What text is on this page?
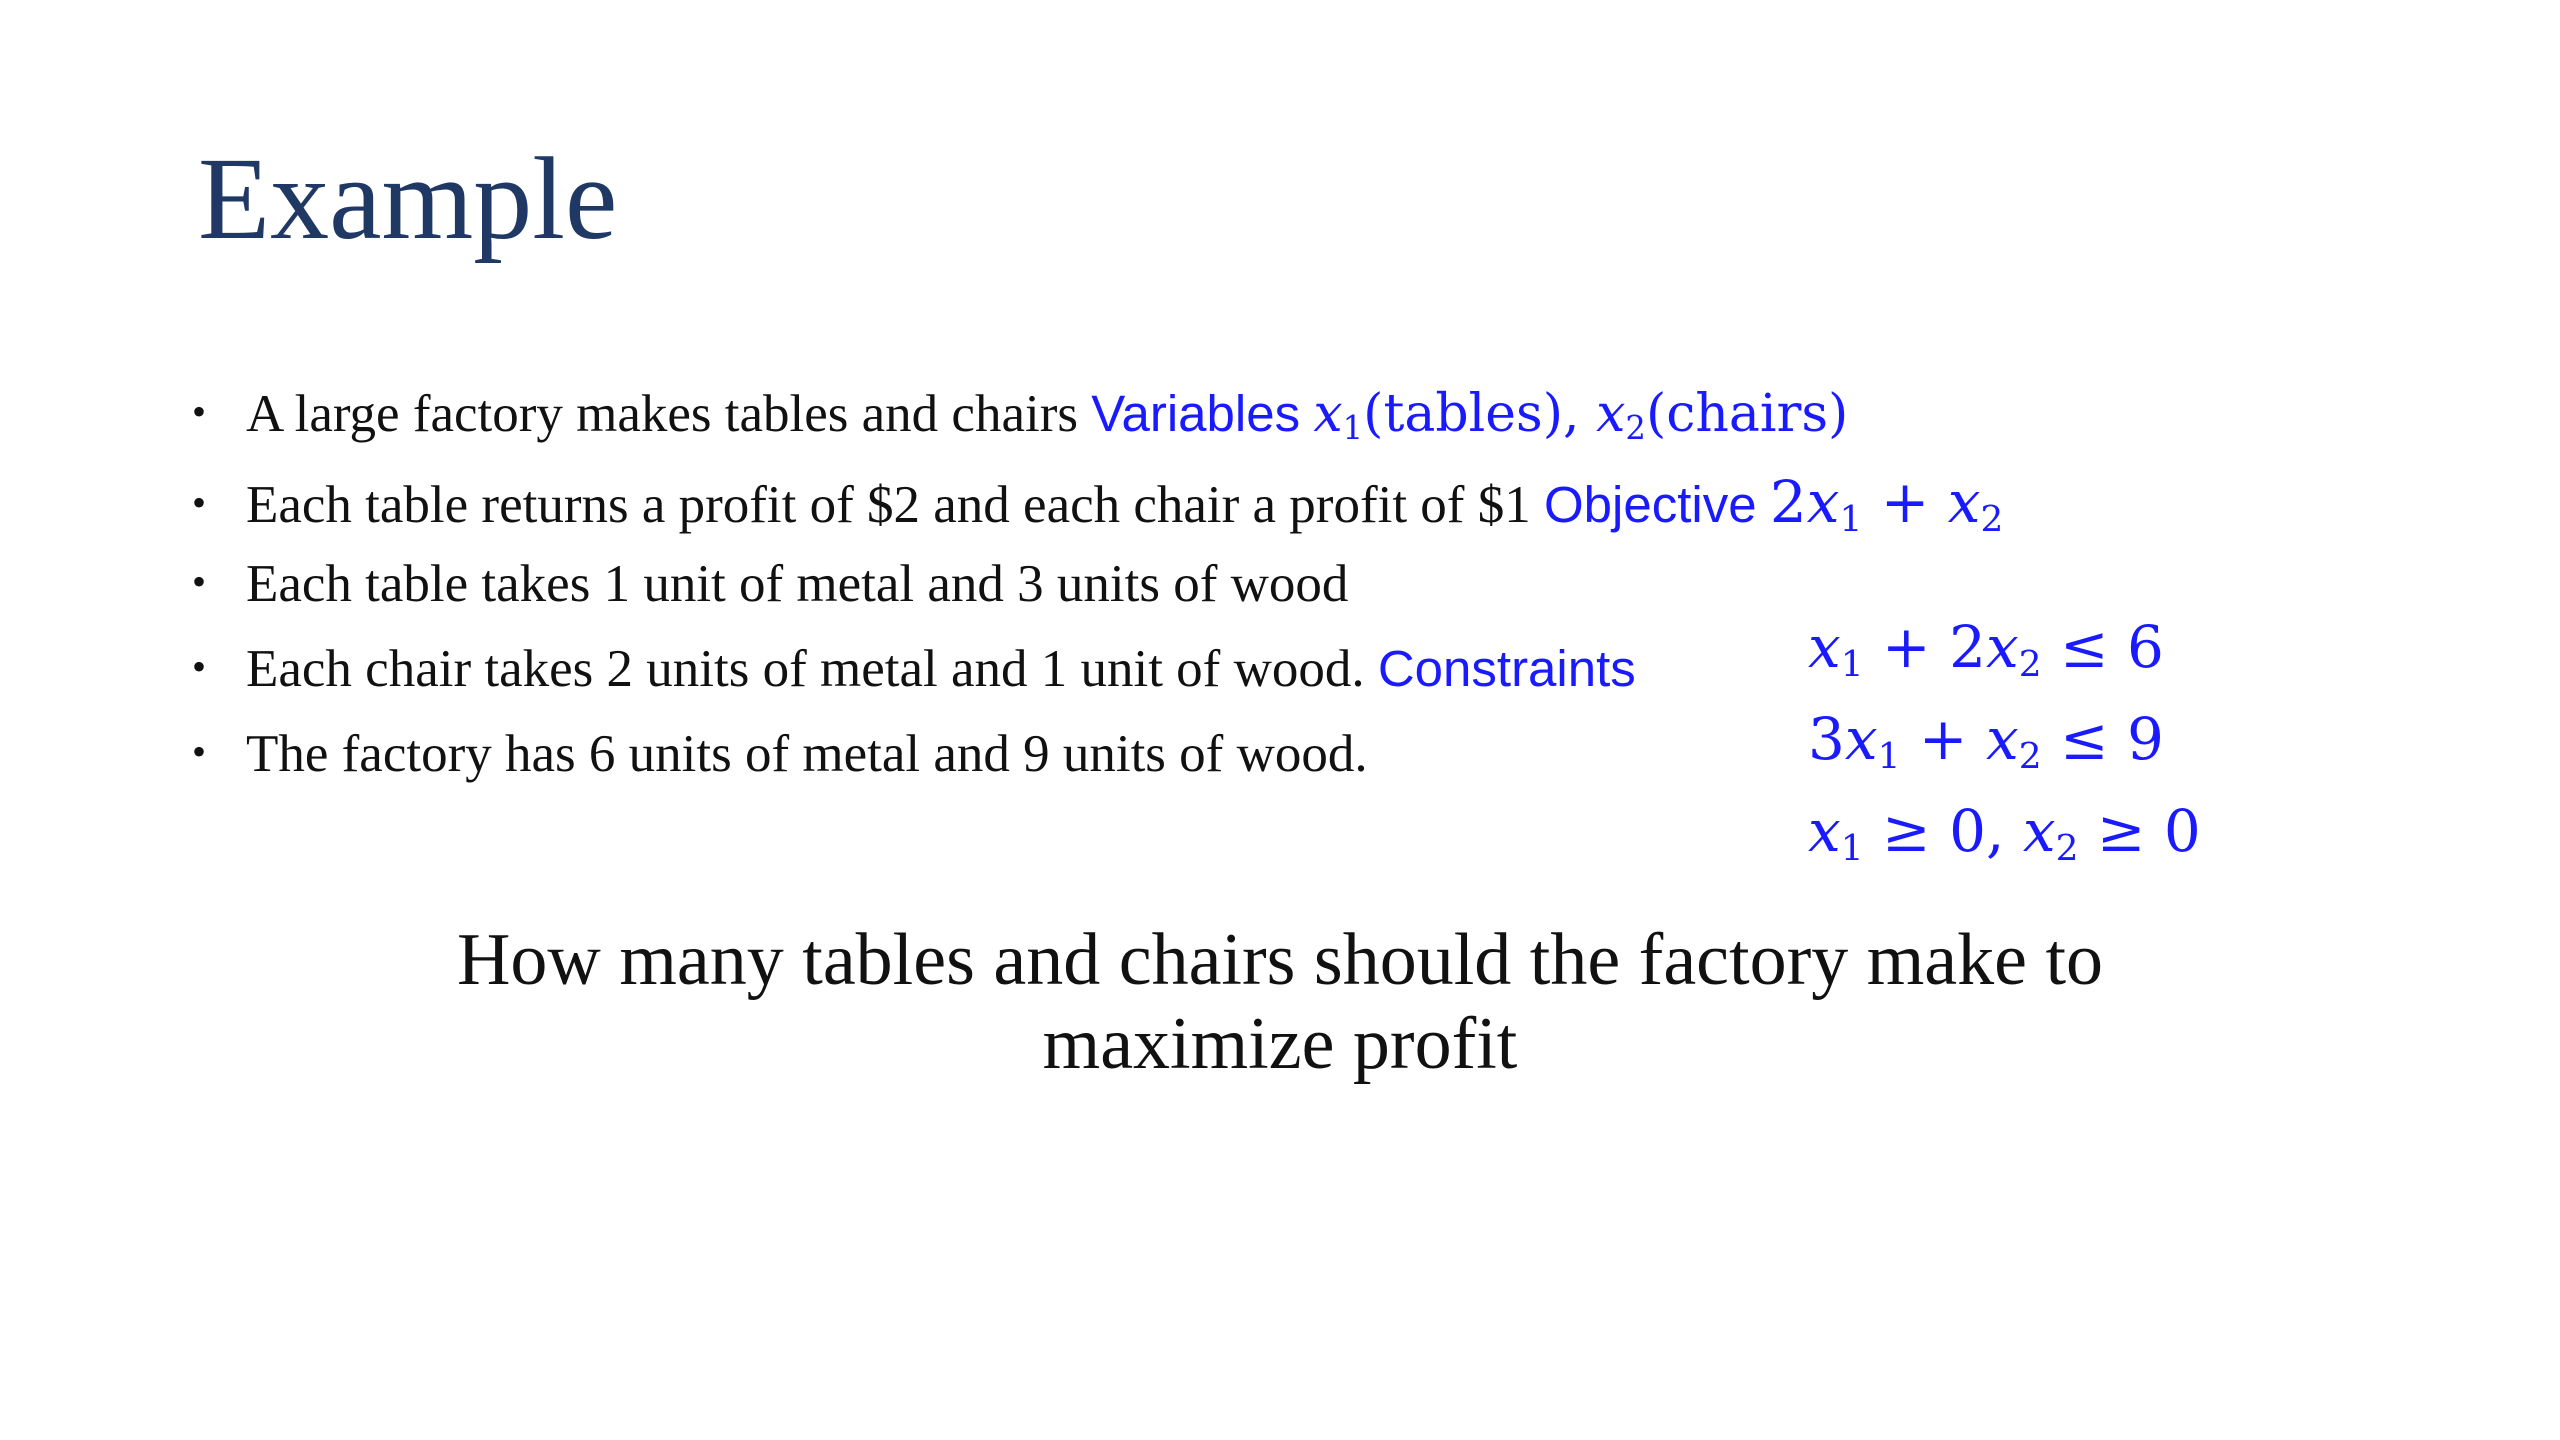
Example
• A large factory makes tables and chairs Variables $x_1(tables)$, $x_2(chairs)$
• Each table returns a profit of $2 and each chair a profit of $1 Objective $2x_1 + x_2$
• Each table takes 1 unit of metal and 3 units of wood
• Each chair takes 2 units of metal and 1 unit of wood. Constraints
• The factory has 6 units of metal and 9 units of wood.
$x_1 + 2x_2 \le 6$
$3x_1 + x_2 \le 9$
$x_1 \ge 0$, $x_2 \ge 0$
How many tables and chairs should the factory make to
maximize profit
